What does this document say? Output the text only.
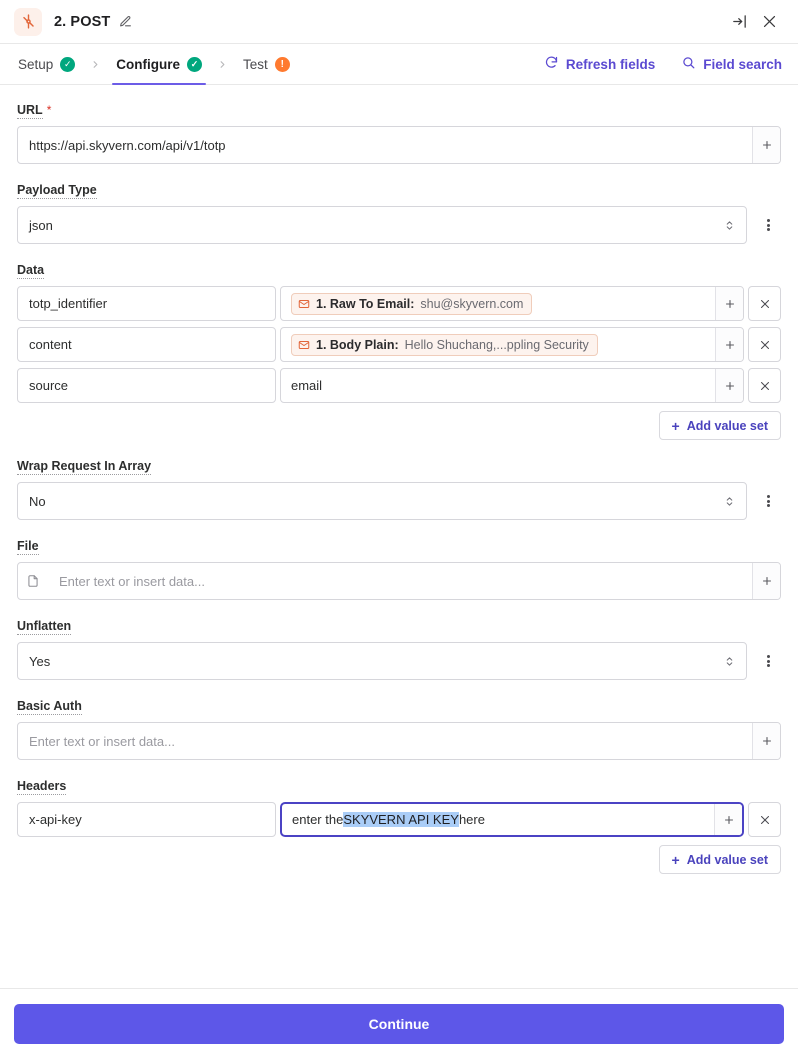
2. POST
Setup	✓	Configure	✓	Test	!	Refresh fields	Field search
URL *
https://api.skyvern.com/api/v1/totp
Payload Type
json
Data
totp_identifier	1. Raw To Email: shu@skyvern.com
content	1. Body Plain: Hello Shuchang,...ppling Security
source	email
+ Add value set
Wrap Request In Array
No
File
Enter text or insert data...
Unflatten
Yes
Basic Auth
Enter text or insert data...
Headers
x-api-key	enter the SKYVERN API KEY here
+ Add value set
Continue
